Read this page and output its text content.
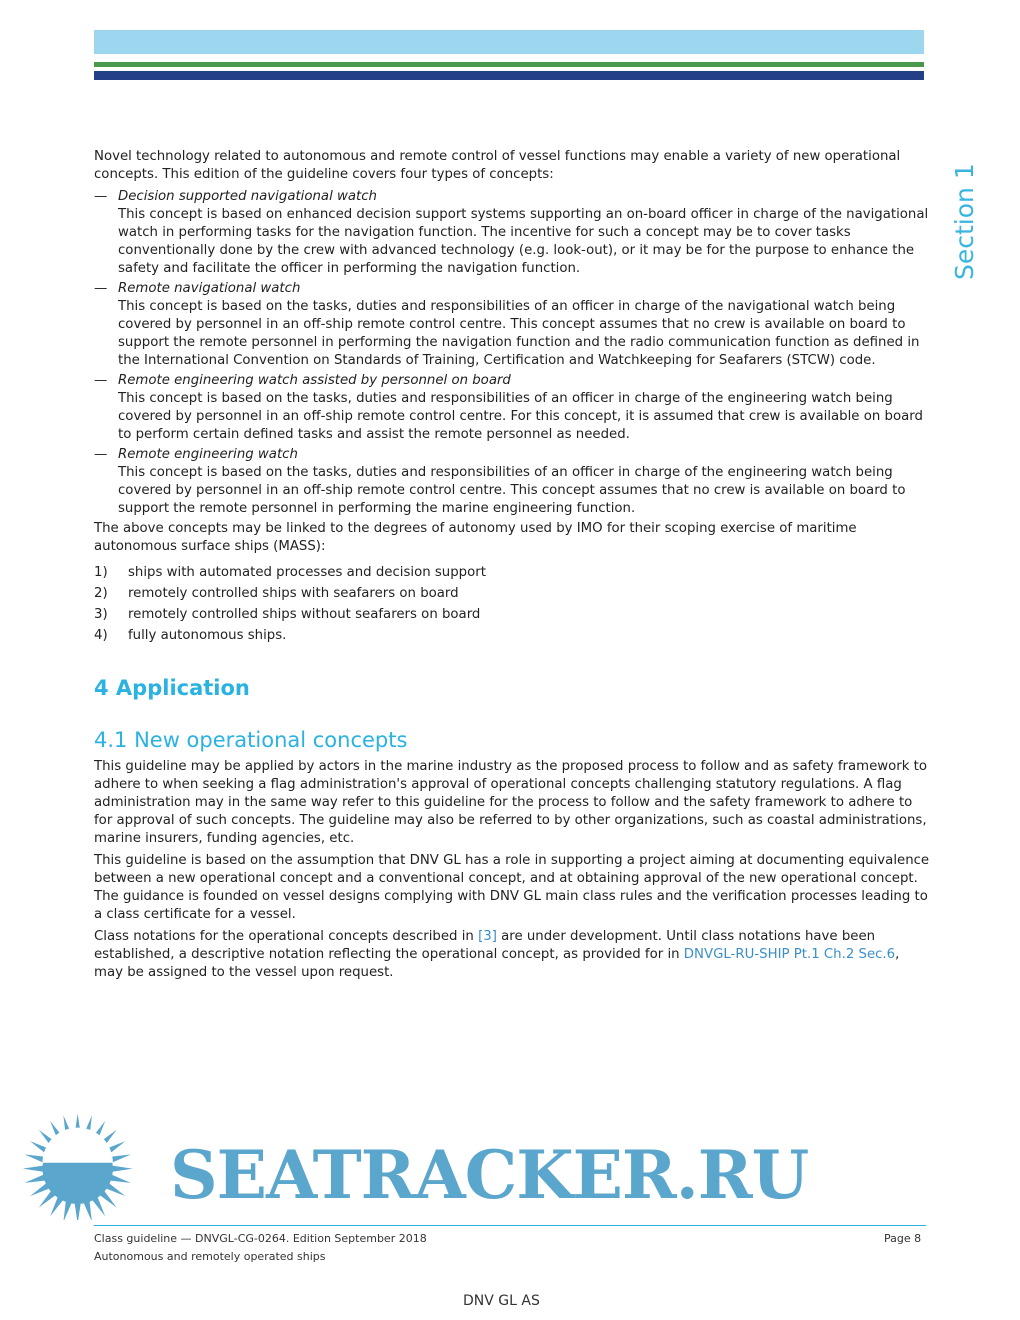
Section 1

Novel technology related to autonomous and remote control of vessel functions may enable a variety of new operational concepts. This edition of the guideline covers four types of concepts:

— Decision supported navigational watch

This concept is based on enhanced decision support systems supporting an on-board officer in charge of the navigational watch in performing tasks for the navigation function. The incentive for such a concept may be to cover tasks conventionally done by the crew with advanced technology (e.g. look-out), or it may be for the purpose to enhance the safety and facilitate the officer in performing the navigation function.

— Remote navigational watch

This concept is based on the tasks, duties and responsibilities of an officer in charge of the navigational watch being covered by personnel in an off-ship remote control centre. This concept assumes that no crew is available on board to support the remote personnel in performing the navigation function and the radio communication function as defined in the International Convention on Standards of Training, Certification and Watchkeeping for Seafarers (STCW) code.

— Remote engineering watch assisted by personnel on board

This concept is based on the tasks, duties and responsibilities of an officer in charge of the engineering watch being covered by personnel in an off-ship remote control centre. For this concept, it is assumed that crew is available on board to perform certain defined tasks and assist the remote personnel as needed.

— Remote engineering watch

This concept is based on the tasks, duties and responsibilities of an officer in charge of the engineering watch being covered by personnel in an off-ship remote control centre. This concept assumes that no crew is available on board to support the remote personnel in performing the marine engineering function.

The above concepts may be linked to the degrees of autonomy used by IMO for their scoping exercise of maritime autonomous surface ships (MASS):

1)	ships with automated processes and decision support
2)	remotely controlled ships with seafarers on board
3)	remotely controlled ships without seafarers on board
4)	fully autonomous ships.
4 Application
4.1 New operational concepts

This guideline may be applied by actors in the marine industry as the proposed process to follow and as safety framework to adhere to when seeking a flag administration's approval of operational concepts challenging statutory regulations. A flag administration may in the same way refer to this guideline for the process to follow and the safety framework to adhere to for approval of such concepts. The guideline may also be referred to by other organizations, such as coastal administrations, marine insurers, funding agencies, etc.

This guideline is based on the assumption that DNV GL has a role in supporting a project aiming at documenting equivalence between a new operational concept and a conventional concept, and at obtaining approval of the new operational concept. The guidance is founded on vessel designs complying with DNV GL main class rules and the verification processes leading to a class certificate for a vessel.

Class notations for the operational concepts described in [3] are under development. Until class notations have been established, a descriptive notation reflecting the operational concept, as provided for in DNVGL-RU-SHIP Pt.1 Ch.2 Sec.6, may be assigned to the vessel upon request.

SEATRACKER.RU
Class guideline — DNVGL-CG-0264. Edition September 2018
Autonomous and remotely operated ships
Page 8
DNV GL AS
